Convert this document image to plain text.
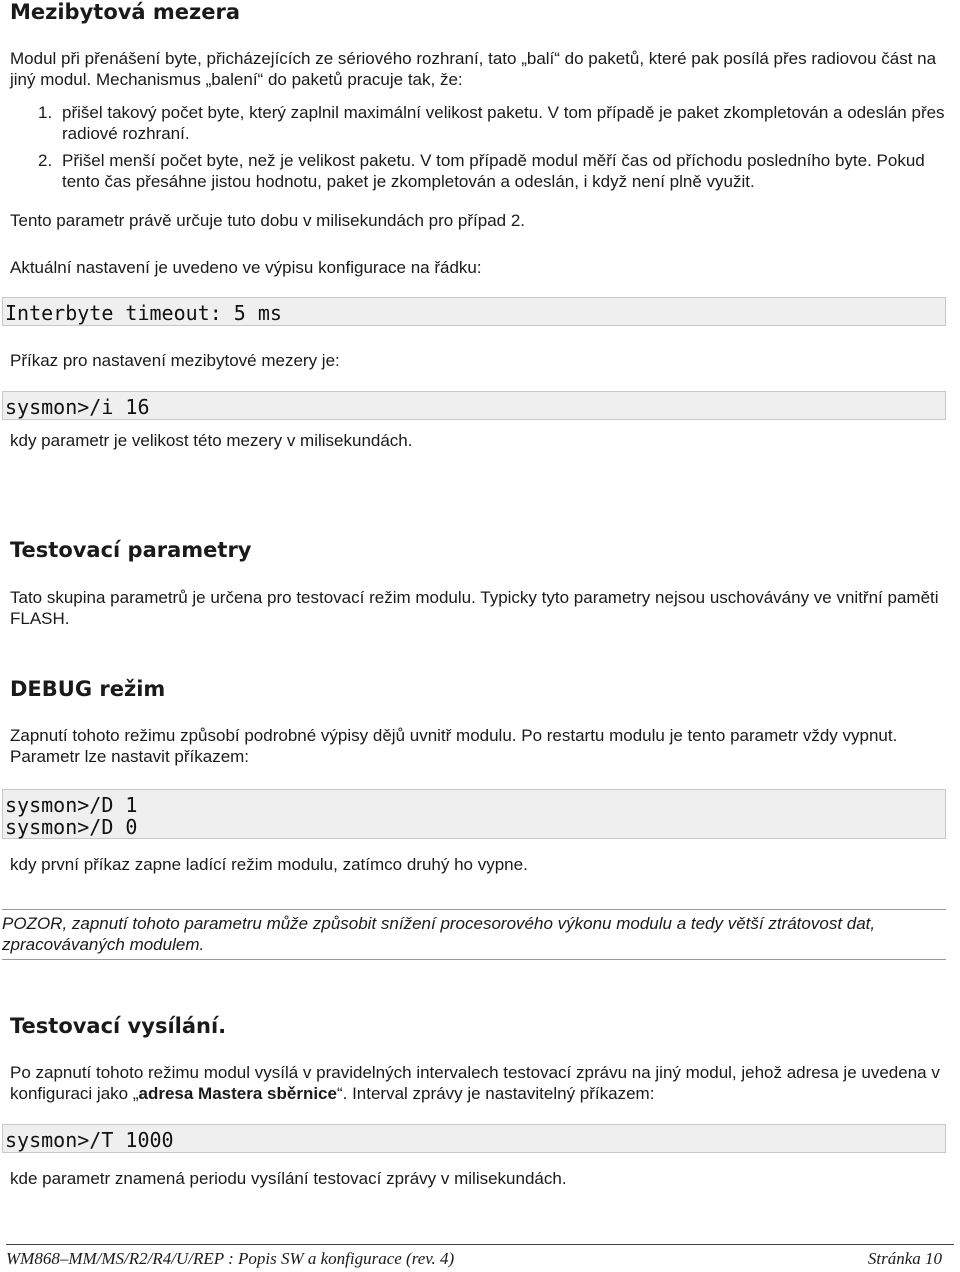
Mezibytová mezera

Modul při přenášení byte, přicházejících ze sériového rozhraní, tato „balí“ do paketů, které pak posílá přes radiovou část na jiný modul. Mechanismus „balení“ do paketů pracuje tak, že:

1. přišel takový počet byte, který zaplnil maximální velikost paketu. V tom případě je paket zkompletován a odeslán přes radiové rozhraní.
2. Přišel menší počet byte, než je velikost paketu. V tom případě modul měří čas od příchodu posledního byte. Pokud tento čas přesáhne jistou hodnotu, paket je zkompletován a odeslán, i když není plně využit.

Tento parametr právě určuje tuto dobu v milisekundách pro případ 2.

Aktuální nastavení je uvedeno ve výpisu konfigurace na řádku:

Interbyte timeout: 5 ms

Příkaz pro nastavení mezibytové mezery je:

sysmon>/i 16

kdy parametr je velikost této mezery v milisekundách.

Testovací parametry

Tato skupina parametrů je určena pro testovací režim modulu. Typicky tyto parametry nejsou uschovávány ve vnitřní paměti FLASH.

DEBUG režim

Zapnutí tohoto režimu způsobí podrobné výpisy dějů uvnitř modulu. Po restartu modulu je tento parametr vždy vypnut. Parametr lze nastavit příkazem:

sysmon>/D 1
sysmon>/D 0

kdy první příkaz zapne ladící režim modulu, zatímco druhý ho vypne.

POZOR, zapnutí tohoto parametru může způsobit snížení procesorového výkonu modulu a tedy větší ztrátovost dat, zpracovávaných modulem.
Testovací vysílání.

Po zapnutí tohoto režimu modul vysílá v pravidelných intervalech testovací zprávu na jiný modul, jehož adresa je uvedena v konfiguraci jako „adresa Mastera sběrnice“. Interval zprávy je nastavitelný příkazem:

sysmon>/T 1000

kde parametr znamená periodu vysílání testovací zprávy v milisekundách.

WM868–MM/MS/R2/R4/U/REP : Popis SW a konfigurace (rev. 4)	Stránka 10
